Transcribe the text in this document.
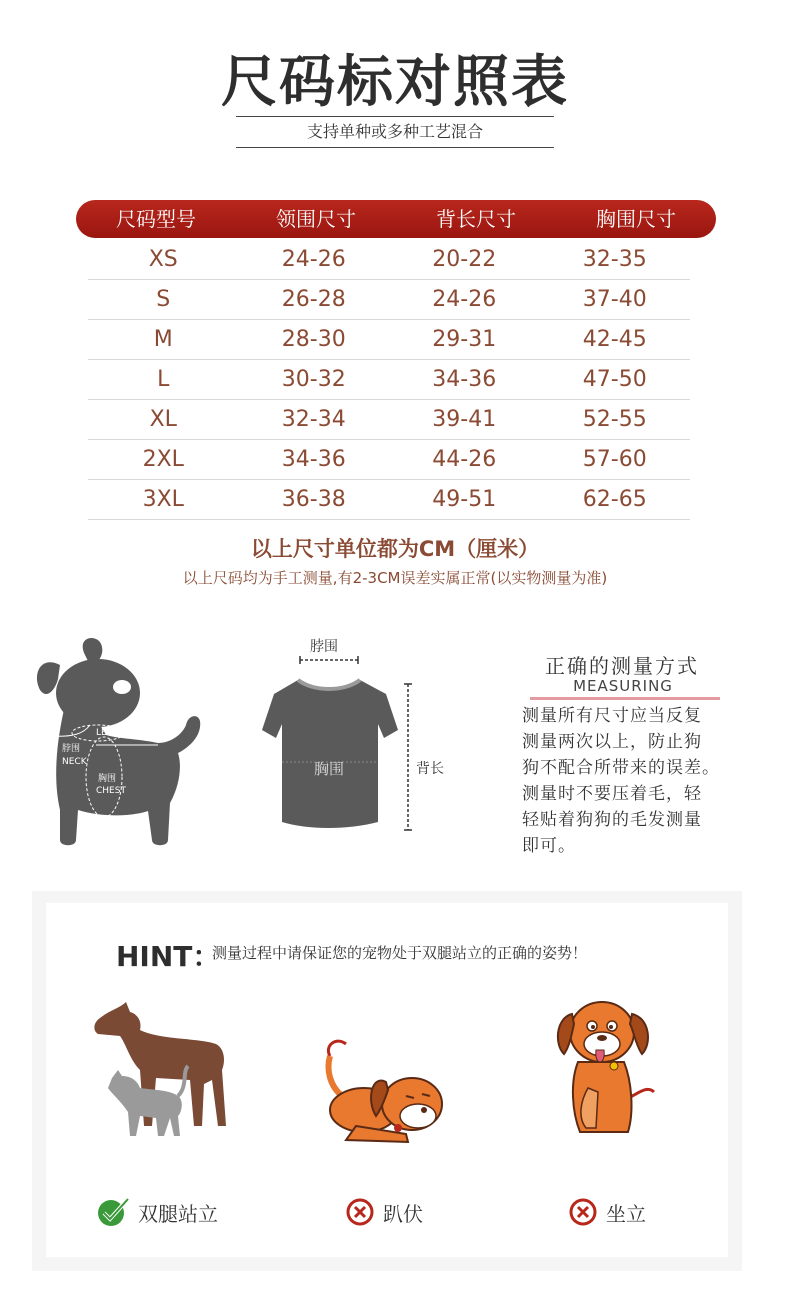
尺码标对照表
支持单种或多种工艺混合
尺码型号	领围尺寸	背长尺寸	胸围尺寸
XS	24-26	20-22	32-35
S	26-28	24-26	37-40
M	28-30	29-31	42-45
L	30-32	34-36	47-50
XL	32-34	39-41	52-55
2XL	34-36	44-26	57-60
3XL	36-38	49-51	62-65
以上尺寸单位都为CM（厘米）
以上尺码均为手工测量,有2-3CM误差实属正常(以实物测量为准)
LENGTH背长
脖围
NECK
胸围
CHEST
脖围
胸围	背长
正确的测量方式
MEASURING
测量所有尺寸应当反复
测量两次以上，防止狗
狗不配合所带来的误差。
测量时不要压着毛，轻
轻贴着狗狗的毛发测量
即可。
HINT：
测量过程中请保证您的宠物处于双腿站立的正确的姿势！
双腿站立	趴伏	坐立
